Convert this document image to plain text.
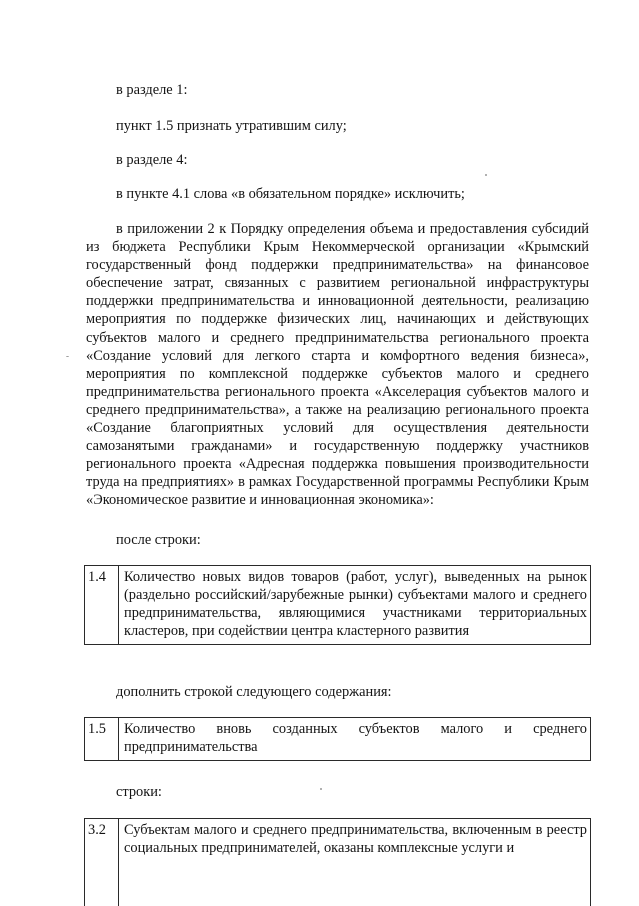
в разделе 1:
пункт 1.5 признать утратившим силу;
в разделе 4:
в пункте 4.1 слова «в обязательном порядке» исключить;
в приложении 2 к Порядку определения объема и предоставления субсидий из бюджета Республики Крым Некоммерческой организации «Крымский государственный фонд поддержки предпринимательства» на финансовое обеспечение затрат, связанных с развитием региональной инфраструктуры поддержки предпринимательства и инновационной деятельности, реализацию мероприятия по поддержке физических лиц, начинающих и действующих субъектов малого и среднего предпринимательства регионального проекта «Создание условий для легкого старта и комфортного ведения бизнеса», мероприятия по комплексной поддержке субъектов малого и среднего предпринимательства регионального проекта «Акселерация субъектов малого и среднего предпринимательства», а также на реализацию регионального проекта «Создание благоприятных условий для осуществления деятельности самозанятыми гражданами» и государственную поддержку участников регионального проекта «Адресная поддержка повышения производительности труда на предприятиях» в рамках Государственной программы Республики Крым «Экономическое развитие и инновационная экономика»:
после строки:
1.4	Количество новых видов товаров (работ, услуг), выведенных на рынок (раздельно российский/зарубежные рынки) субъектами малого и среднего предпринимательства, являющимися участниками территориальных кластеров, при содействии центра кластерного развития
дополнить строкой следующего содержания:
1.5	Количество вновь созданных субъектов малого и среднего предпринимательства
строки:
3.2	Субъектам малого и среднего предпринимательства, включенным в реестр социальных предпринимателей, оказаны комплексные услуги и
